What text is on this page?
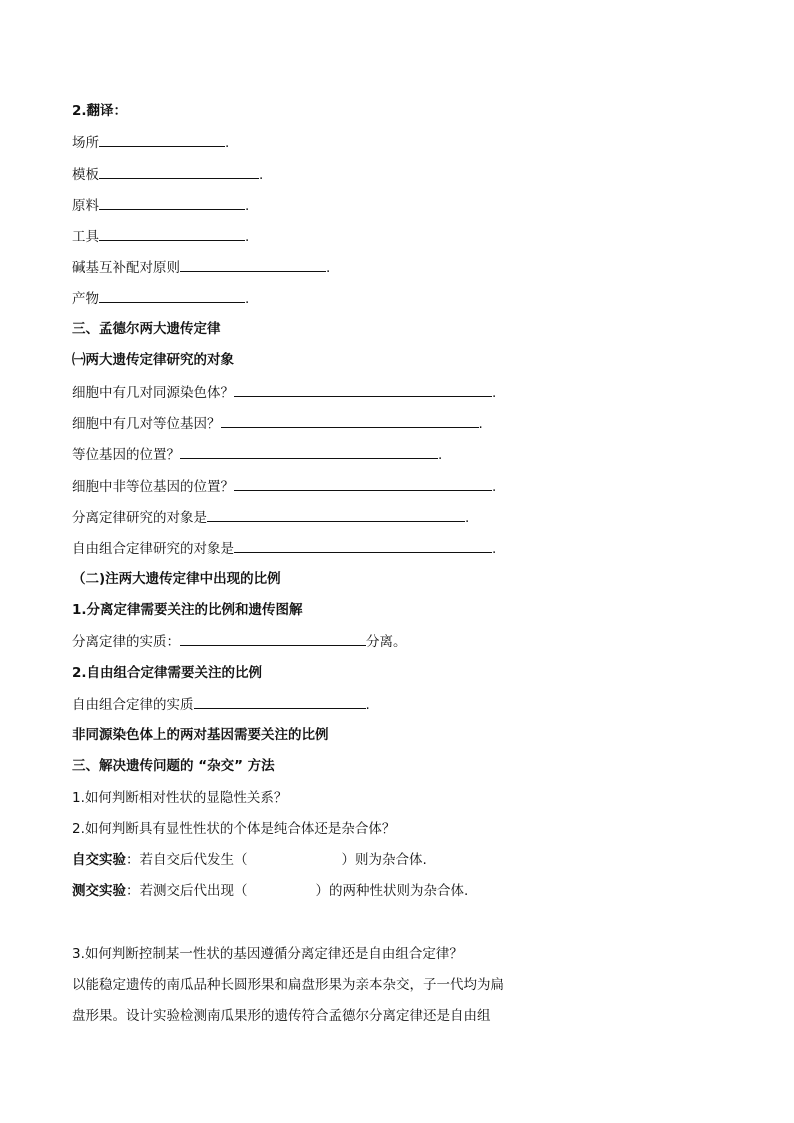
2.翻译：
场所	.
模板	.
原料	.
工具	.
碱基互补配对原则	.
产物	.
三、孟德尔两大遗传定律
㈠两大遗传定律研究的对象
细胞中有几对同源染色体？	.
细胞中有几对等位基因？	.
等位基因的位置？	.
细胞中非等位基因的位置？	.
分离定律研究的对象是	.
自由组合定律研究的对象是	.
（二)注两大遗传定律中出现的比例
1.分离定律需要关注的比例和遗传图解
分离定律的实质：	分离。
2.自由组合定律需要关注的比例
自由组合定律的实质	.
非同源染色体上的两对基因需要关注的比例
三、解决遗传问题的 “杂交” 方法
1.如何判断相对性状的显隐性关系？
2.如何判断具有显性性状的个体是纯合体还是杂合体？
自交实验：若自交后代发生（	）则为杂合体.
测交实验：若测交后代出现（	）的两种性状则为杂合体.
3.如何判断控制某一性状的基因遵循分离定律还是自由组合定律？
以能稳定遗传的南瓜品种长圆形果和扁盘形果为亲本杂交，子一代均为扁
盘形果。设计实验检测南瓜果形的遗传符合孟德尔分离定律还是自由组
